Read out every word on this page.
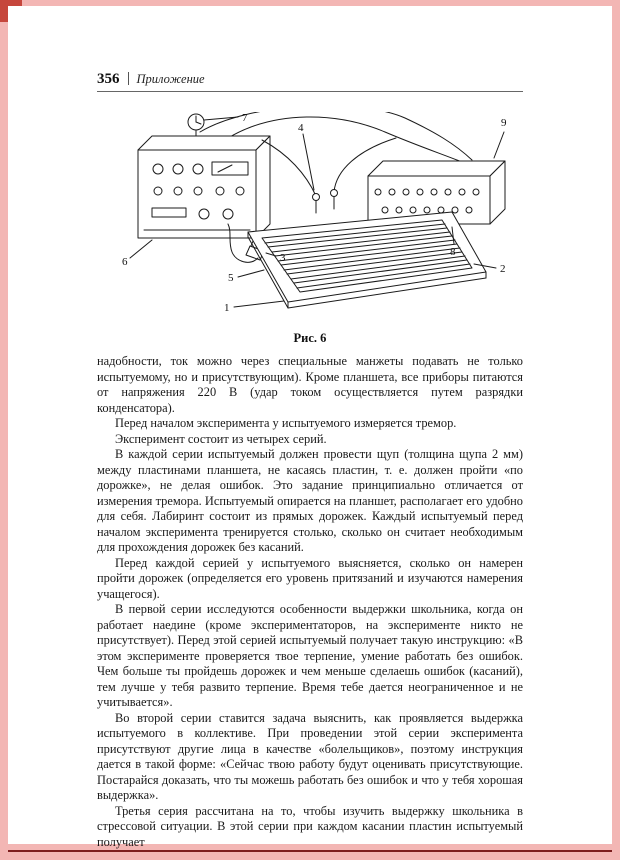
356 Приложение
7
6	3
4
5
1
2
8
9
Рис. 6

надобности, ток можно через специальные манжеты подавать не только испытуемому, но и присутствующим). Кроме планшета, все приборы питаются от напряжения 220 В (удар током осуществляется путем разрядки конденсатора).

Перед началом эксперимента у испытуемого измеряется тремор.

Эксперимент состоит из четырех серий.

В каждой серии испытуемый должен провести щуп (толщина щупа 2 мм) между пластинами планшета, не касаясь пластин, т. е. должен пройти «по дорожке», не делая ошибок. Это задание принципиально отличается от измерения тремора. Испытуемый опирается на планшет, располагает его удобно для себя. Лабиринт состоит из прямых дорожек. Каждый испытуемый перед началом эксперимента тренируется столько, сколько он считает необходимым для прохождения дорожек без касаний.

Перед каждой серией у испытуемого выясняется, сколько он намерен пройти дорожек (определяется его уровень притязаний и изучаются намерения учащегося).

В первой серии исследуются особенности выдержки школьника, когда он работает наедине (кроме экспериментаторов, на эксперименте никто не присутствует). Перед этой серией испытуемый получает такую инструкцию: «В этом эксперименте проверяется твое терпение, умение работать без ошибок. Чем больше ты пройдешь дорожек и чем меньше сделаешь ошибок (касаний), тем лучше у тебя развито терпение. Время тебе дается неограниченное и не учитывается».

Во второй серии ставится задача выяснить, как проявляется выдержка испытуемого в коллективе. При проведении этой серии эксперимента присутствуют другие лица в качестве «болельщиков», поэтому инструкция дается в такой форме: «Сейчас твою работу будут оценивать присутствующие. Постарайся доказать, что ты можешь работать без ошибок и что у тебя хорошая выдержка».

Третья серия рассчитана на то, чтобы изучить выдержку школьника в стрессовой ситуации. В этой серии при каждом касании пластин испытуемый получает
